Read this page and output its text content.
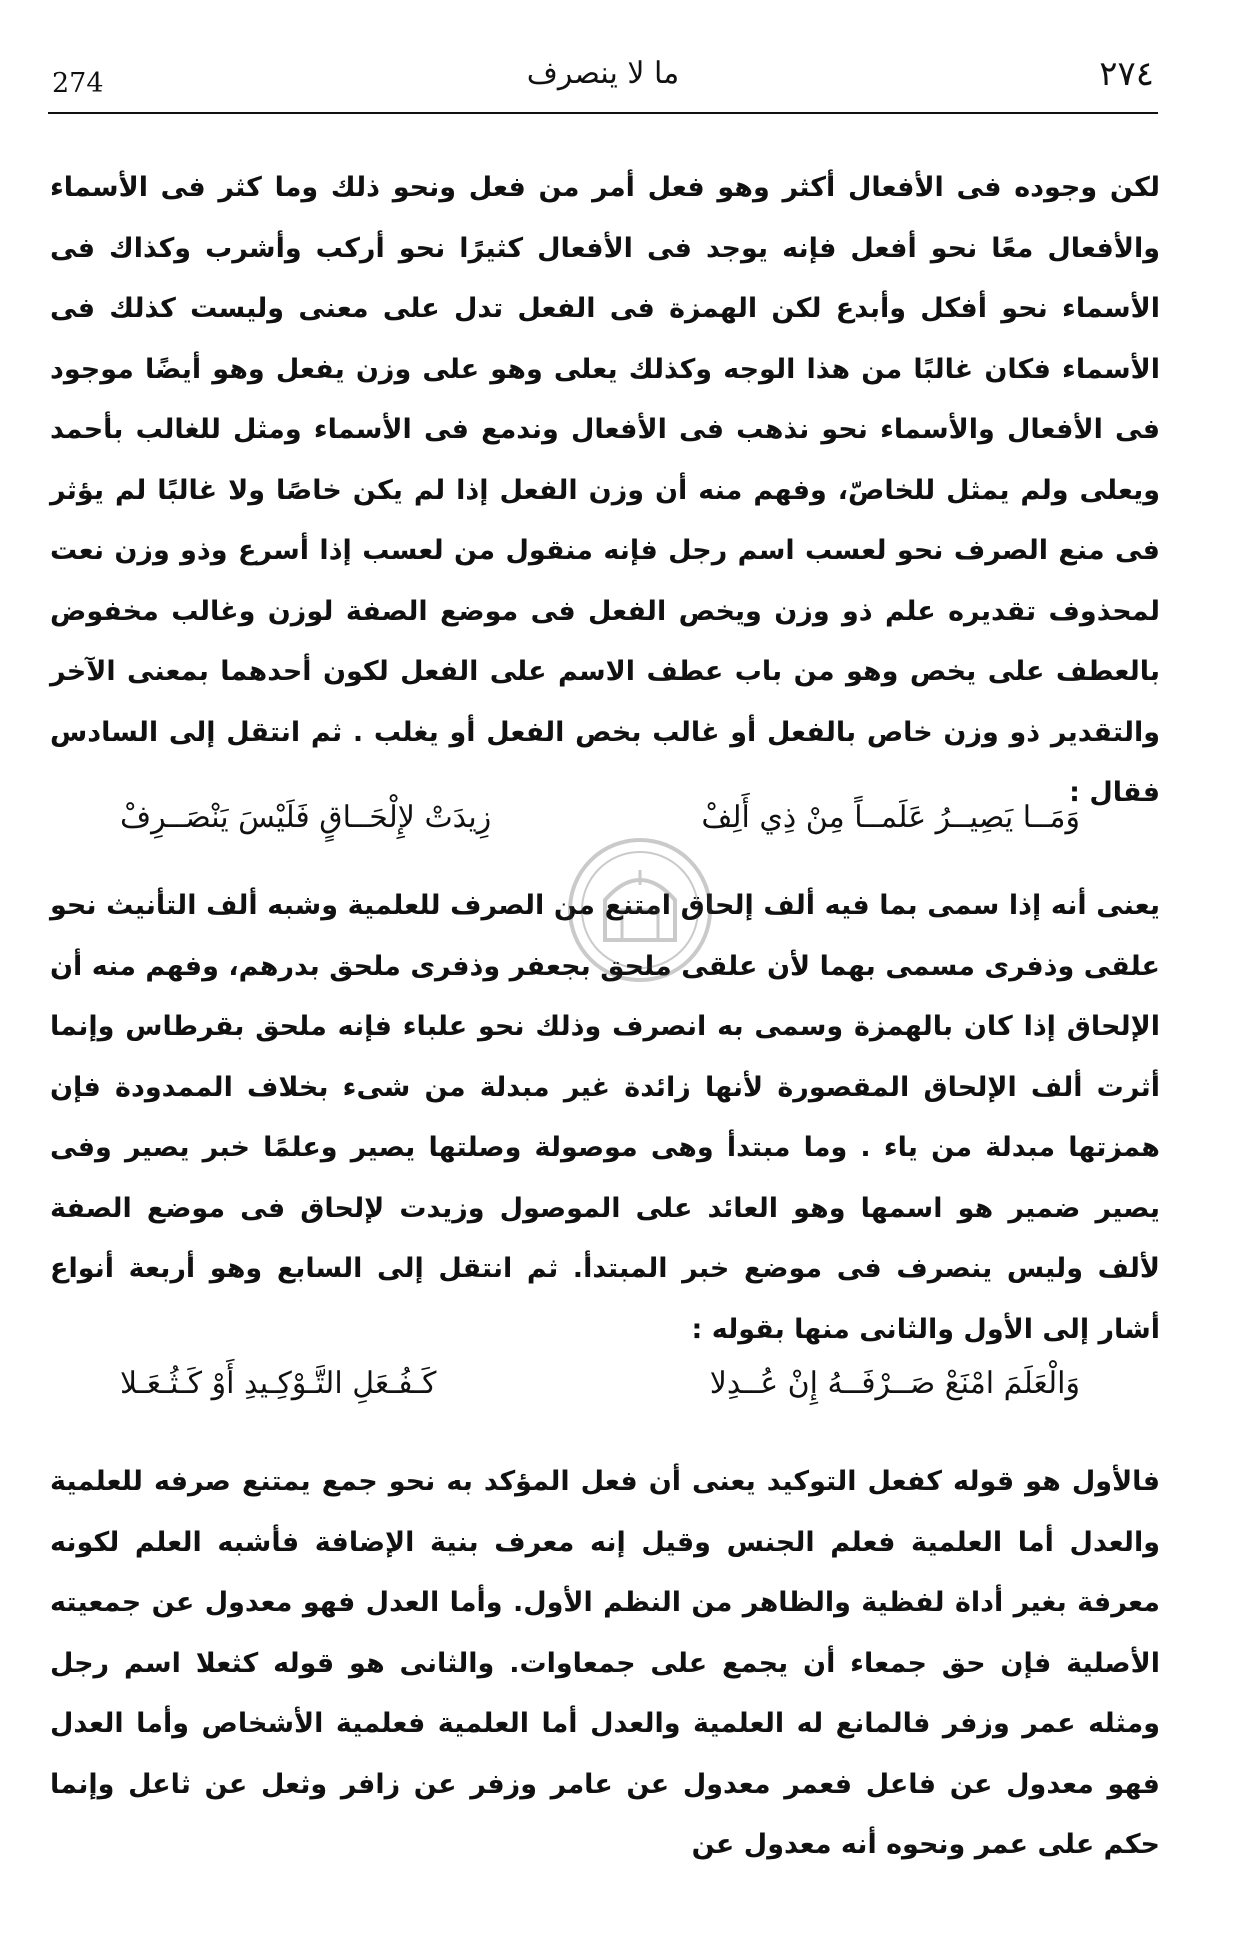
274	ما لا ينصرف	٢٧٤
لكن وجوده فى الأفعال أكثر وهو فعل أمر من فعل ونحو ذلك وما كثر فى الأسماء والأفعال معًا نحو أفعل فإنه يوجد فى الأفعال كثيرًا نحو أركب وأشرب وكذاك فى الأسماء نحو أفكل وأبدع لكن الهمزة فى الفعل تدل على معنى وليست كذلك فى الأسماء فكان غالبًا من هذا الوجه وكذلك يعلى وهو على وزن يفعل وهو أيضًا موجود فى الأفعال والأسماء نحو نذهب فى الأفعال وندمع فى الأسماء ومثل للغالب بأحمد ويعلى ولم يمثل للخاصّ، وفهم منه أن وزن الفعل إذا لم يكن خاصًا ولا غالبًا لم يؤثر فى منع الصرف نحو لعسب اسم رجل فإنه منقول من لعسب إذا أسرع وذو وزن نعت لمحذوف تقديره علم ذو وزن ويخص الفعل فى موضع الصفة لوزن وغالب مخفوض بالعطف على يخص وهو من باب عطف الاسم على الفعل لكون أحدهما بمعنى الآخر والتقدير ذو وزن خاص بالفعل أو غالب بخص الفعل أو يغلب . ثم انتقل إلى السادس فقال :
وَمَــا يَصِيــرُ عَلَمــاً مِنْ ذِي أَلِفْ
زِيدَتْ لإِلْحَــاقٍ فَلَيْسَ يَنْصَــرِفْ
يعنى أنه إذا سمى بما فيه ألف إلحاق امتنع من الصرف للعلمية وشبه ألف التأنيث نحو علقى وذفرى مسمى بهما لأن علقى ملحق بجعفر وذفرى ملحق بدرهم، وفهم منه أن الإلحاق إذا كان بالهمزة وسمى به انصرف وذلك نحو علباء فإنه ملحق بقرطاس وإنما أثرت ألف الإلحاق المقصورة لأنها زائدة غير مبدلة من شىء بخلاف الممدودة فإن همزتها مبدلة من ياء . وما مبتدأ وهى موصولة وصلتها يصير وعلمًا خبر يصير وفى يصير ضمير هو اسمها وهو العائد على الموصول وزيدت لإلحاق فى موضع الصفة لألف وليس ينصرف فى موضع خبر المبتدأ. ثم انتقل إلى السابع وهو أربعة أنواع أشار إلى الأول والثانى منها بقوله :
وَالْعَلَمَ امْنَعْ صَــرْفَــهُ إِنْ عُــدِلا
كَـفُـعَلِ التَّـوْكِـيدِ أَوْ كَـثُـعَـلا
فالأول هو قوله كفعل التوكيد يعنى أن فعل المؤكد به نحو جمع يمتنع صرفه للعلمية والعدل أما العلمية فعلم الجنس وقيل إنه معرف بنية الإضافة فأشبه العلم لكونه معرفة بغير أداة لفظية والظاهر من النظم الأول. وأما العدل فهو معدول عن جمعيته الأصلية فإن حق جمعاء أن يجمع على جمعاوات. والثانى هو قوله كثعلا اسم رجل ومثله عمر وزفر فالمانع له العلمية والعدل أما العلمية فعلمية الأشخاص وأما العدل فهو معدول عن فاعل فعمر معدول عن عامر وزفر عن زافر وثعل عن ثاعل وإنما حكم على عمر ونحوه أنه معدول عن
